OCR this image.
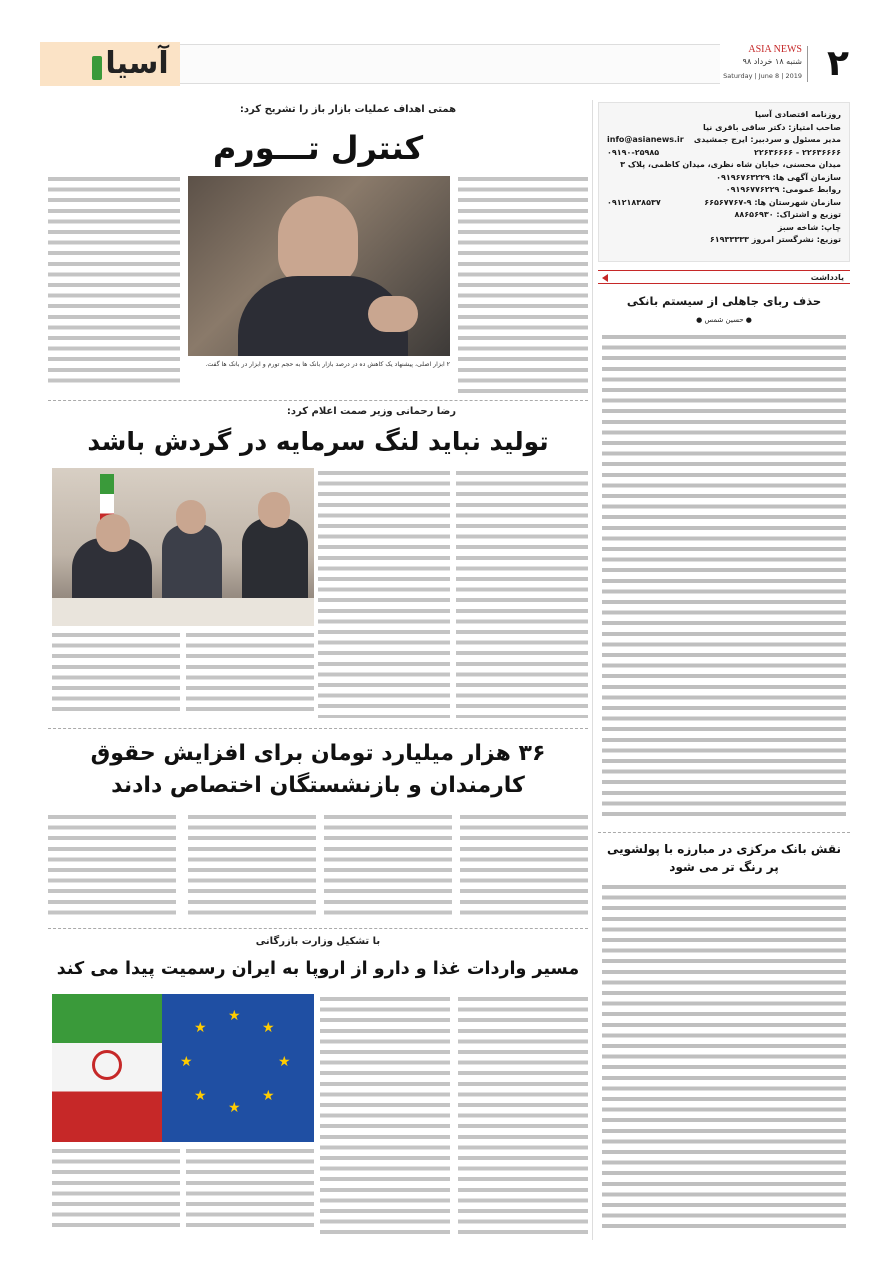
۲
ASIA NEWS
شنبه ۱۸ خرداد ۹۸
Saturday | June 8 | 2019
آسیا
روزنامه اقتصادی آسیا
صاحب امتیاز: دکتر ساقی باقری نیا
مدیر مسئول و سردبیر: ایرج جمشیدی
info@asianews.ir
۲۲۶۳۶۶۶۶ - ۲۲۶۳۶۶۶۶
۰۹۱۹۰-۲۵۹۸۵
میدان محسنی، خیابان شاه نظری، میدان کاظمی، پلاک ۳
سازمان آگهی ها: ۰۹۱۹۶۷۶۳۲۲۹
روابط عمومی: ۰۹۱۹۶۷۷۶۲۲۹
سازمان شهرستان ها: ۹-۶۶۵۶۷۷۶۷
۰۹۱۲۱۸۳۸۵۳۷
توزیع و اشتراک: ۸۸۶۵۶۹۳۰
چاپ: شاخه سبز
توزیع: نشرگستر امروز ۶۱۹۳۳۳۳۳
یادداشت
حذف ربای جاهلی از سیستم بانکی
● حسین شمس ●
نقش بانک مرکزی در مبارزه با پولشویی
پر رنگ تر می شود
همتی اهداف عملیات بازار باز را تشریح کرد:
کنترل تـــورم
۲ ابزار اصلی، پیشنهاد یک کاهش ده در درصد بازار بانک ها به حجم تورم و ابزار در بانک ها گفت.
رضا رحمانی وزیر صمت اعلام کرد:
تولید نباید لنگ سرمایه در گردش باشد
۳۶ هزار میلیارد تومان برای افزایش حقوق
کارمندان و بازنشستگان اختصاص دادند
با تشکیل وزارت بازرگانی
مسیر واردات غذا و دارو از اروپا به ایران رسمیت پیدا می کند
★
★
★
★
★
★
★
★
